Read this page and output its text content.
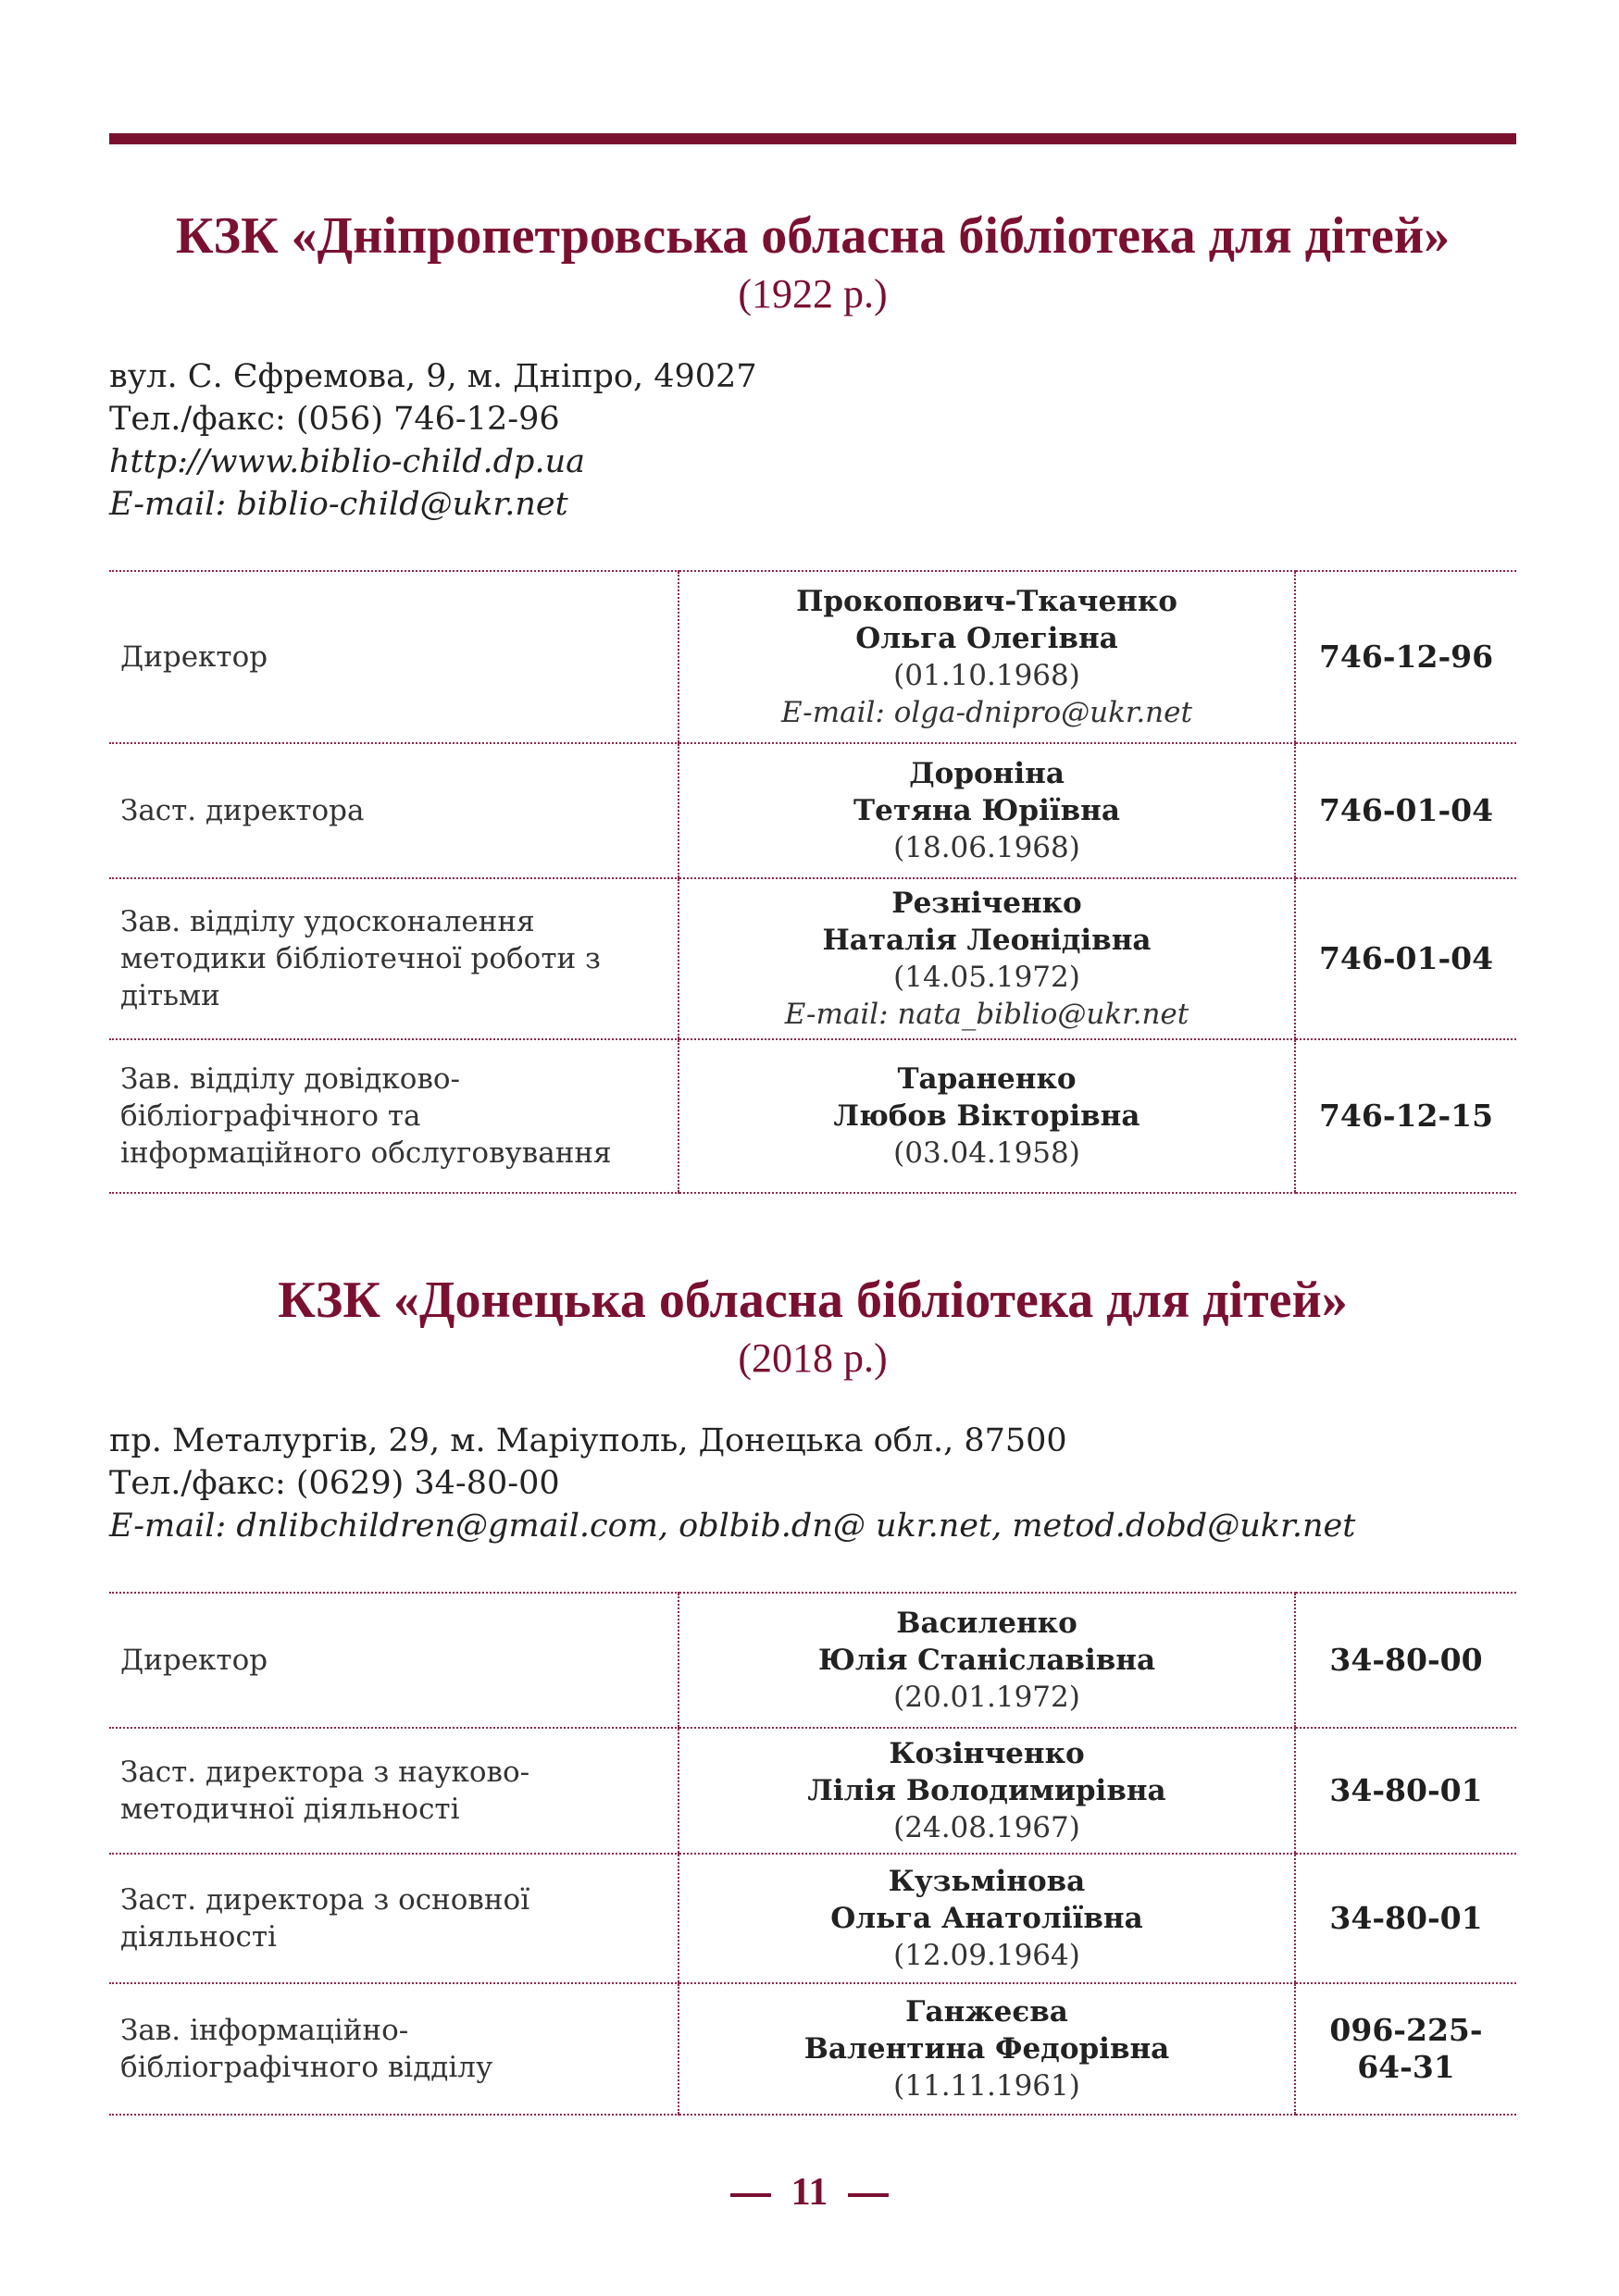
КЗК «Дніпропетровська обласна бібліотека для дітей»
(1922 р.)
вул. С. Єфремова, 9, м. Дніпро, 49027
Тел./факс: (056) 746-12-96
http://www.biblio-child.dp.ua
E-mail: biblio-child@ukr.net
Директор	Прокопович-Ткаченко
Ольга Олегівна
(01.10.1968)
E-mail: olga-dnipro@ukr.net	746-12-96
Заст. директора	Дороніна
Тетяна Юріївна
(18.06.1968)	746-01-04
Зав. відділу удосконалення методики бібліотечної роботи з дітьми	Резніченко
Наталія Леонідівна
(14.05.1972)
E-mail: nata_biblio@ukr.net	746-01-04
Зав. відділу довідково-бібліографічного та інформаційного обслуговування	Тараненко
Любов Вікторівна
(03.04.1958)	746-12-15
КЗК «Донецька обласна бібліотека для дітей»
(2018 р.)
пр. Металургів, 29, м. Маріуполь, Донецька обл., 87500
Тел./факс: (0629) 34-80-00
E-mail: dnlibchildren@gmail.com, oblbib.dn@ ukr.net, metod.dobd@ukr.net
Директор	Василенко
Юлія Станіславівна
(20.01.1972)	34-80-00
Заст. директора з науково-методичної діяльності	Козінченко
Лілія Володимирівна
(24.08.1967)	34-80-01
Заст. директора з основної діяльності	Кузьмінова
Ольга Анатоліївна
(12.09.1964)	34-80-01
Зав. інформаційно-бібліографічного відділу	Ганжеєва
Валентина Федорівна
(11.11.1961)	096-225-64-31
11
